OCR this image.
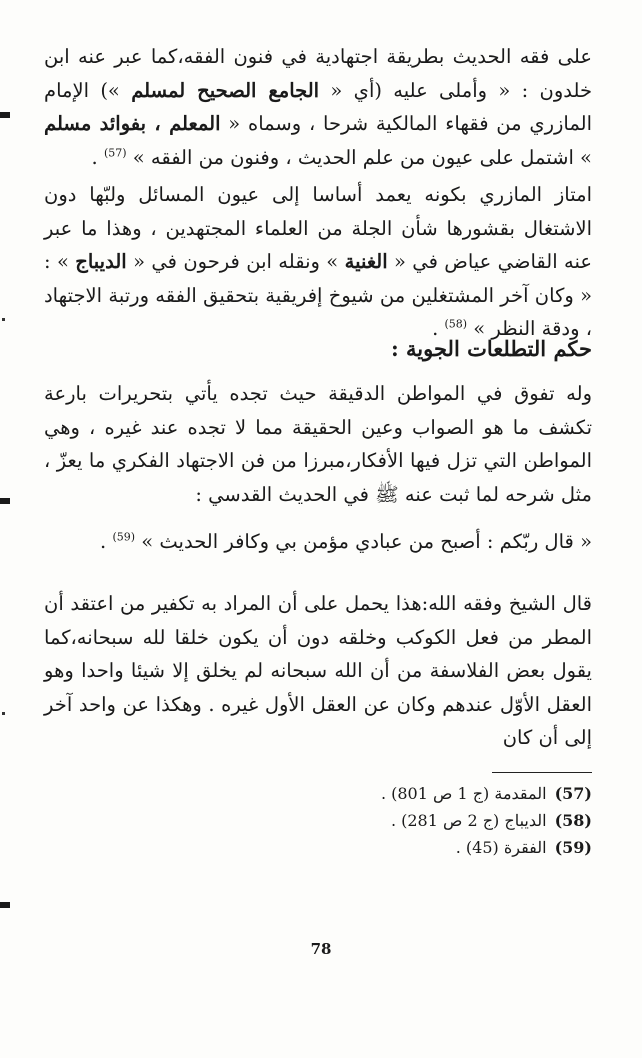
على فقه الحديث بطريقة اجتهادية في فنون الفقه،كما عبر عنه ابن خلدون : « وأملى عليه (أي « الجامع الصحيح لمسلم ») الإمام المازري من فقهاء المالكية شرحا ، وسماه « المعلم ، بفوائد مسلم » اشتمل على عيون من علم الحديث ، وفنون من الفقه » $^{(57)}$ .

امتاز المازري بكونه يعمد أساسا إلى عيون المسائل ولبّها دون الاشتغال بقشورها شأن الجلة من العلماء المجتهدين ، وهذا ما عبر عنه القاضي عياض في « الغنية » ونقله ابن فرحون في « الديباج » : « وكان آخر المشتغلين من شيوخ إفريقية بتحقيق الفقه ورتبة الاجتهاد ، ودقة النظر » $^{(58)}$ .

حكم التطلعات الجوية :

وله تفوق في المواطن الدقيقة حيث تجده يأتي بتحريرات بارعة تكشف ما هو الصواب وعين الحقيقة مما لا تجده عند غيره ، وهي المواطن التي تزل فيها الأفكار،مبرزا من فن الاجتهاد الفكري ما يعزّ ، مثل شرحه لما ثبت عنه ﷺ في الحديث القدسي :

« قال ربّكم : أصبح من عبادي مؤمن بي وكافر الحديث » $^{(59)}$ .

قال الشيخ وفقه الله:هذا يحمل على أن المراد به تكفير من اعتقد أن المطر من فعل الكوكب وخلقه دون أن يكون خلقا لله سبحانه،كما يقول بعض الفلاسفة من أن الله سبحانه لم يخلق إلا شيئا واحدا وهو العقل الأوّل عندهم وكان عن العقل الأول غيره . وهكذا عن واحد آخر إلى أن كان

(57)المقدمة (ج 1 ص 801) .
(58)الديباج (ج 2 ص 281) .
(59)الفقرة (45) .
78
